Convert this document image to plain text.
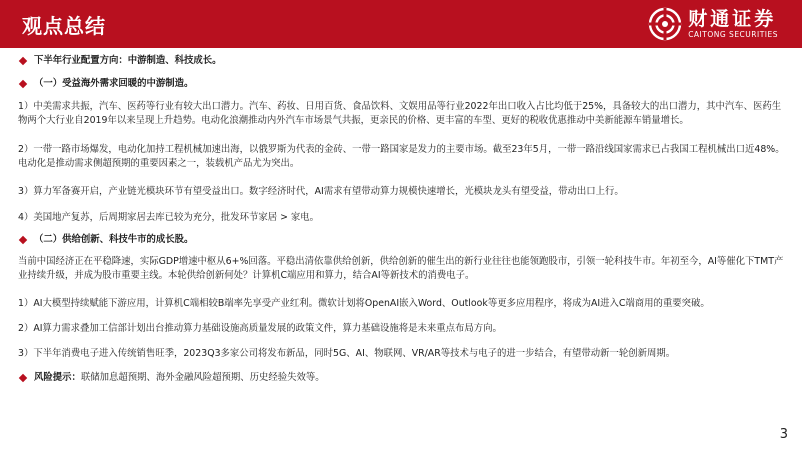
观点总结	财通证券
CAITONG SECURITIES
下半年行业配置方向：中游制造、科技成长。
（一）受益海外需求回暖的中游制造。
1）中美需求共振，汽车、医药等行业有较大出口潜力。汽车、药妆、日用百货、食品饮料、文娱用品等行业2022年出口收入占比均低于25%，具备较大的出口潜力，其中汽车、医药生物两个大行业自2019年以来呈现上升趋势。电动化浪潮推动内外汽车市场景气共振，更亲民的价格、更丰富的车型、更好的税收优惠推动中美新能源车销量增长。
2）一带一路市场爆发，电动化加持工程机械加速出海，以俄罗斯为代表的金砖、一带一路国家是发力的主要市场。截至23年5月，一带一路沿线国家需求已占我国工程机械出口近48%。电动化是推动需求侧超预期的重要因素之一，装载机产品尤为突出。
3）算力军备赛开启，产业链光模块环节有望受益出口。数字经济时代，AI需求有望带动算力规模快速增长，光模块龙头有望受益，带动出口上行。
4）美国地产复苏，后周期家居去库已较为充分，批发环节家居 > 家电。
（二）供给创新、科技牛市的成长股。
当前中国经济正在平稳降速，实际GDP增速中枢从6+%回落。平稳出清依靠供给创新，供给创新的催生出的新行业往往也能领跑股市，引领一轮科技牛市。年初至今，AI等催化下TMT产业持续升级，并成为股市重要主线。本轮供给创新何处？计算机C端应用和算力，结合AI等新技术的消费电子。
1）AI大模型持续赋能下游应用，计算机C端相较B端率先享受产业红利。微软计划将OpenAI嵌入Word、Outlook等更多应用程序，将成为AI进入C端商用的重要突破。
2）AI算力需求叠加工信部计划出台推动算力基础设施高质量发展的政策文件，算力基础设施将是未来重点布局方向。
3）下半年消费电子进入传统销售旺季，2023Q3多家公司将发布新品，同时5G、AI、物联网、VR/AR等技术与电子的进一步结合，有望带动新一轮创新周期。
风险提示： 联储加息超预期、海外金融风险超预期、历史经验失效等。
3
